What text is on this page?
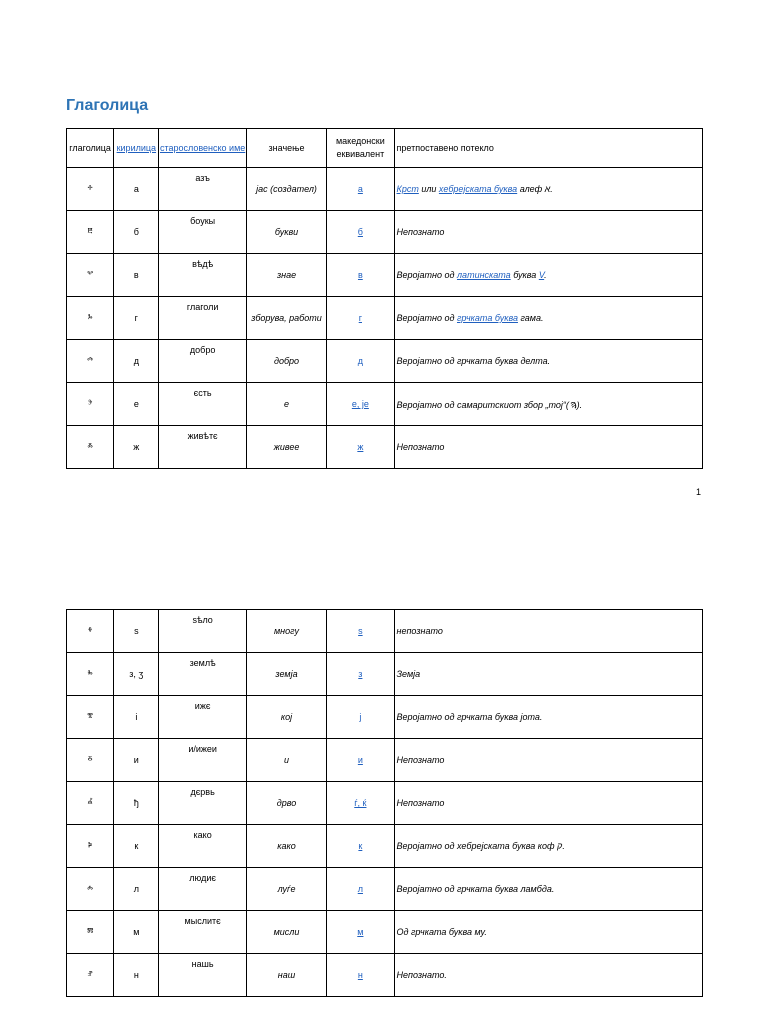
Глаголица
глаголица	кирилица	старословенско име	значење	македонски еквивалент	претпоставено потекло
ⰰ	а	азъ	јас (создател)	а	Крст или хебрејската буква алеф א.
ⰱ	б	боукы	букви	б	Непознато
ⰲ	в	вѣдѣ	знае	в	Веројатно од латинската буква V.
ⰳ	г	глаголи	зборува, работи	г	Веројатно од грчката буква гама.
ⰴ	д	добро	добро	д	Веројатно од грчката буква делта.
ⰵ	е	єсть	е	е, је	Веројатно од самаритскиот збор „тој“(ࠄ).
ⰶ	ж	живѣтє	живее	ж	Непознато
1
ⰷ	s	ѕѣло	многу	ѕ	непознато
ⰸ	з, ʒ	землѣ	земја	з	Земја
ⰺ	і	ижє	кој	ј	Веројатно од грчката буква јота.
ⰻ	и	и/ижеи	и	и	Непознато
ⰼ	ђ	дєрвь	дрво	ѓ, ќ	Непознато
ⰽ	к	како	како	к	Веројатно од хебрејската буква коф ק.
ⰾ	л	людиє	луѓе	л	Веројатно од грчката буква ламбда.
ⰿ	м	мыслитє	мисли	м	Од грчката буква му.
ⱀ	н	нашь	наш	н	Непознато.
